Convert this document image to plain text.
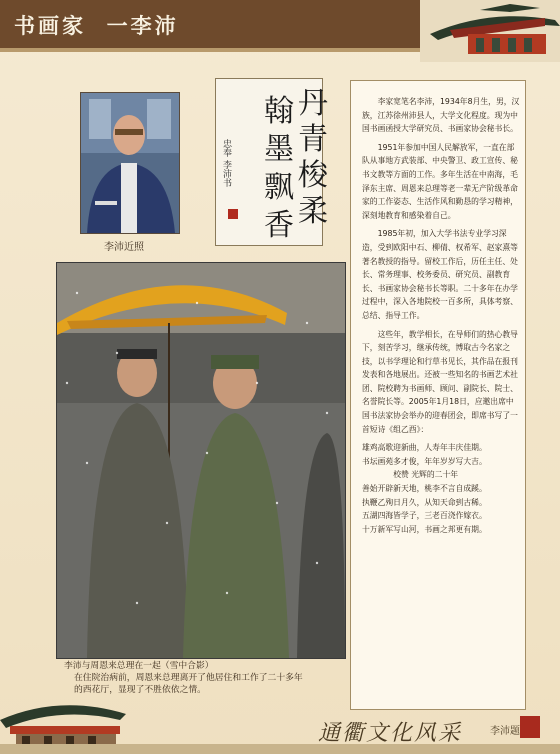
书画家  一李沛
李沛近照
丹
青
梭
柔
翰
墨
飘
香
忠奉 李沛书
李沛与周恩来总理在一起（雪中合影）
在住院治病前，周恩来总理离开了他居住和工作了二十多年
的西花厅，显现了不胜依依之情。

李家宽笔名李沛，1934年8月生，男，汉族，江苏徐州沛县人，大学文化程度。现为中国书画函授大学研究员、书画家协会秘书长。

1951年参加中国人民解放军，一直在部队从事地方武装部、中央警卫、政工宣传、秘书文教等方面的工作。多年生活在中南海，毛泽东主席、周恩来总理等老一辈无产阶级革命家的工作姿态、生活作风和勤恳的学习精神，深刻地教育和感染着自己。

1985年初，加入大学书法专业学习深造，受到欧阳中石、柳倩、权希军、赵家熹等著名教授的指导。留校工作后，历任主任、处长、常务理事、校务委员、研究员、副教育长、书画家协会秘书长等职。二十多年在办学过程中，深入各地院校一百多所，具体考察、总结、指导工作。

这些年，教学相长，在导师们的热心教导下，刻苦学习，继承传统，博取古今名家之技，以书学理论和行草书见长，其作品在报刊发表和各地展出。还被一些知名的书画艺术社团、院校聘为书画师、顾问、副院长、院士、名誉院长等。2005年1月18日，应邀出席中国书法家协会举办的迎春团会，即席书写了一首短诗《组乙酉》：

雄鸡高歌迎新曲，人寿年丰庆佳期。

书坛画苑多才俊，年年岁岁写大吉。

校赞 光辉的二十年

善始开辟新天地，桃李不言自成蹊。

执鞭乙殉日月久，从知天命到古稀。

五湖四海皆学子，三老百浇作嫁衣。

十万新军写山河，书画之邦更有期。

通衢文化风采	李沛题
